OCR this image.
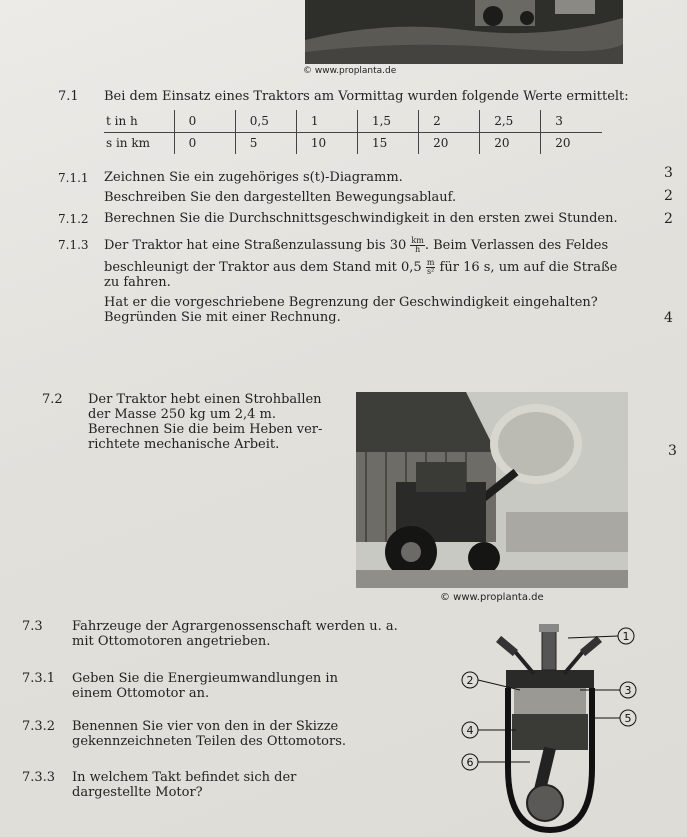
© www.proplanta.de
7.1 Bei dem Einsatz eines Traktors am Vormittag wurden folgende Werte ermittelt:
t in h	0	0,5	1	1,5	2	2,5	3
s in km	0	5	10	15	20	20	20
7.1.1 Zeichnen Sie ein zugehöriges s(t)-Diagramm.	3
Beschreiben Sie den dargestellten Bewegungsablauf.	2
7.1.2 Berechnen Sie die Durchschnittsgeschwindigkeit in den ersten zwei Stunden.	2
7.1.3 Der Traktor hat eine Straßenzulassung bis $30 \frac{km}{h}$ . Beim Verlassen des Feldes
beschleunigt der Traktor aus dem Stand mit $0,5 \frac{m}{\text{s²}}$ für 16 s, um auf die Straße
zu fahren.
Hat er die vorgeschriebene Begrenzung der Geschwindigkeit eingehalten?
Begründen Sie mit einer Rechnung.	4
7.2 Der Traktor hebt einen Strohballen
der Masse 250 kg um 2,4 m.
Berechnen Sie die beim Heben ver-
richtete mechanische Arbeit.	3
© www.proplanta.de
7.3 Fahrzeuge der Agrargenossenschaft werden u. a.
mit Ottomotoren angetrieben.
7.3.1 Geben Sie die Energieumwandlungen in
einem Ottomotor an.
7.3.2 Benennen Sie vier von den in der Skizze
gekennzeichneten Teilen des Ottomotors.
7.3.3 In welchem Takt befindet sich der
dargestellte Motor?
1
2
3
4
5
6
